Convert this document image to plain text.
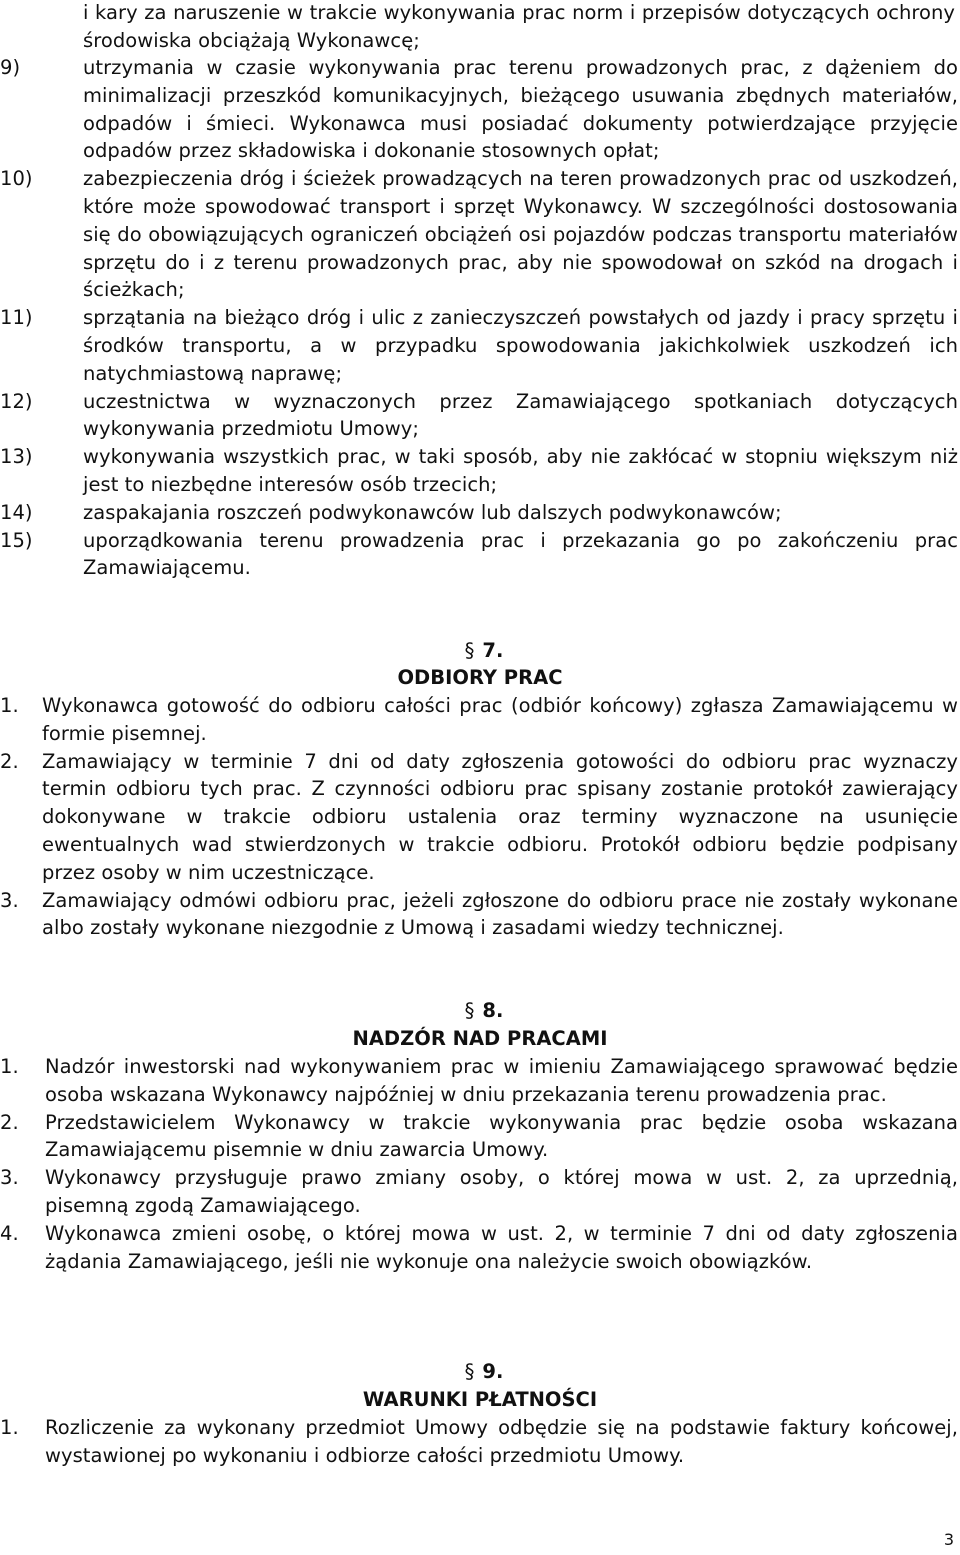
i kary za naruszenie w trakcie wykonywania prac norm i przepisów dotyczących ochrony środowiska obciążają Wykonawcę;

9)	utrzymania w czasie wykonywania prac terenu prowadzonych prac, z dążeniem do minimalizacji przeszkód komunikacyjnych, bieżącego usuwania zbędnych materiałów, odpadów i śmieci. Wykonawca musi posiadać dokumenty potwierdzające przyjęcie odpadów przez składowiska i dokonanie stosownych opłat;
10)	zabezpieczenia dróg i ścieżek prowadzących na teren prowadzonych prac od uszkodzeń, które może spowodować transport i sprzęt Wykonawcy. W szczególności dostosowania się do obowiązujących ograniczeń obciążeń osi pojazdów podczas transportu materiałów sprzętu do i z terenu prowadzonych prac, aby nie spowodował on szkód na drogach i ścieżkach;
11)	sprzątania na bieżąco dróg i ulic z zanieczyszczeń powstałych od jazdy i pracy sprzętu i środków transportu, a w przypadku spowodowania jakichkolwiek uszkodzeń ich natychmiastową naprawę;
12)	uczestnictwa w wyznaczonych przez Zamawiającego spotkaniach dotyczących wykonywania przedmiotu Umowy;
13)	wykonywania wszystkich prac, w taki sposób, aby nie zakłócać w stopniu większym niż jest to niezbędne interesów osób trzecich;
14)	zaspakajania roszczeń podwykonawców lub dalszych podwykonawców;
15)	uporządkowania terenu prowadzenia prac i przekazania go po zakończeniu prac Zamawiającemu.
§ 7.
ODBIORY PRAC
1. Wykonawca gotowość do odbioru całości prac (odbiór końcowy) zgłasza Zamawiającemu w formie pisemnej.
2. Zamawiający w terminie 7 dni od daty zgłoszenia gotowości do odbioru prac wyznaczy termin odbioru tych prac. Z czynności odbioru prac spisany zostanie protokół zawierający dokonywane w trakcie odbioru ustalenia oraz terminy wyznaczone na usunięcie ewentualnych wad stwierdzonych w trakcie odbioru. Protokół odbioru będzie podpisany przez osoby w nim uczestniczące.
3. Zamawiający odmówi odbioru prac, jeżeli zgłoszone do odbioru prace nie zostały wykonane albo zostały wykonane niezgodnie z Umową i zasadami wiedzy technicznej.
§ 8.
NADZÓR NAD PRACAMI
1. Nadzór inwestorski nad wykonywaniem prac w imieniu Zamawiającego sprawować będzie osoba wskazana Wykonawcy najpóźniej w dniu przekazania terenu prowadzenia prac.
2. Przedstawicielem Wykonawcy w trakcie wykonywania prac będzie osoba wskazana Zamawiającemu pisemnie w dniu zawarcia Umowy.
3. Wykonawcy przysługuje prawo zmiany osoby, o której mowa w ust. 2, za uprzednią, pisemną zgodą Zamawiającego.
4. Wykonawca zmieni osobę, o której mowa w ust. 2, w terminie 7 dni od daty zgłoszenia żądania Zamawiającego, jeśli nie wykonuje ona należycie swoich obowiązków.
§ 9.
WARUNKI PŁATNOŚCI
1. Rozliczenie za wykonany przedmiot Umowy odbędzie się na podstawie faktury końcowej, wystawionej po wykonaniu i odbiorze całości przedmiotu Umowy.
3
